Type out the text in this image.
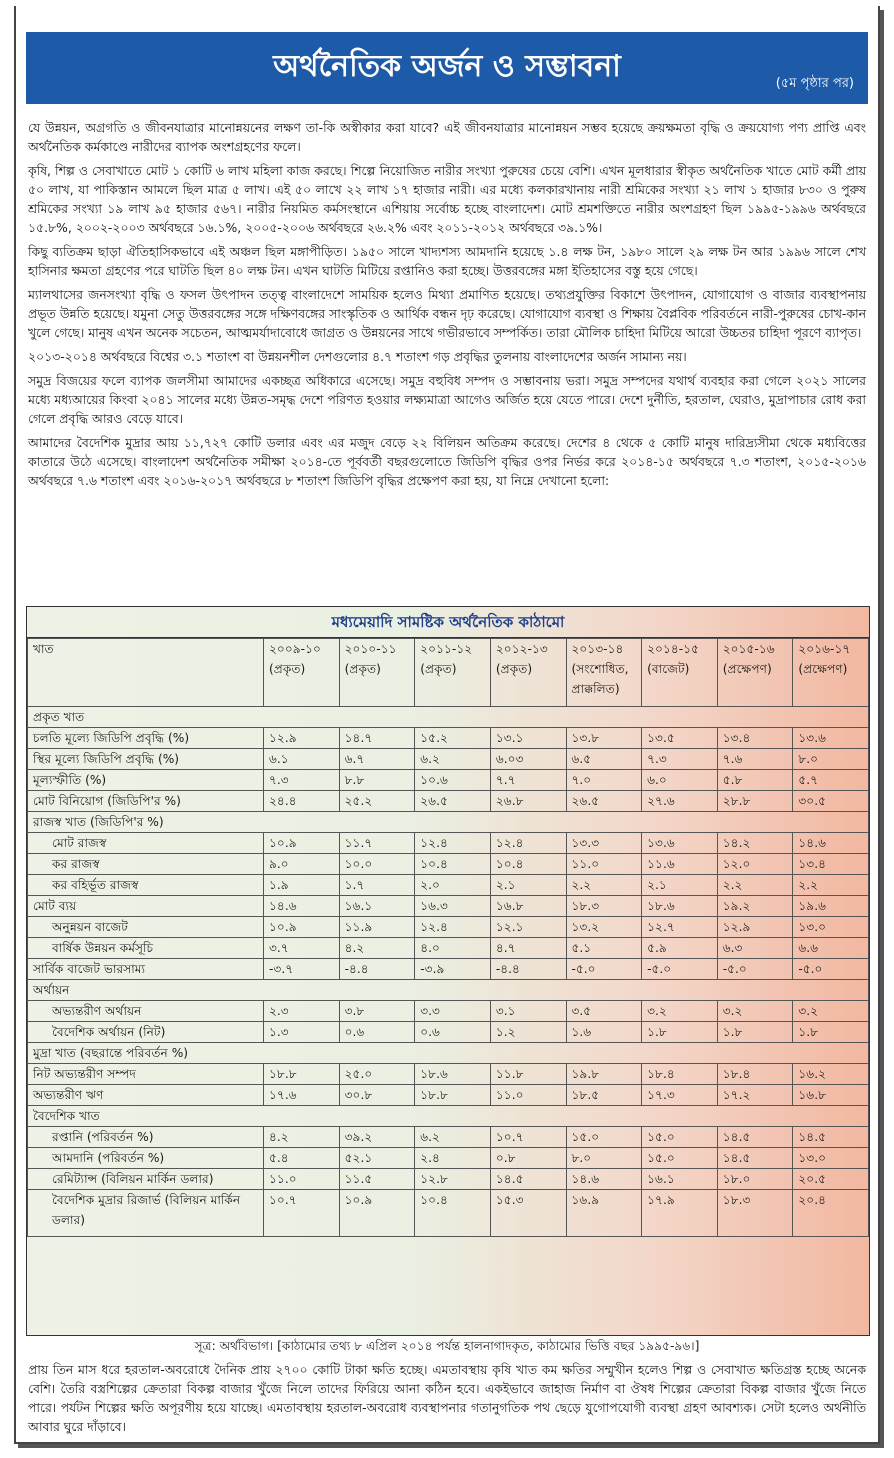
অর্থনৈতিক অর্জন ও সম্ভাবনা	(৫ম পৃষ্ঠার পর)

যে উন্নয়ন, অগ্রগতি ও জীবনযাত্রার মানোন্নয়নের লক্ষণ তা-কি অস্বীকার করা যাবে? এই জীবনযাত্রার মানোন্নয়ন সম্ভব হয়েছে ক্রয়ক্ষমতা বৃদ্ধি ও ক্রয়যোগ্য পণ্য প্রাপ্তি এবং অর্থনৈতিক কর্মকাণ্ডে নারীদের ব্যাপক অংশগ্রহণের ফলে।

কৃষি, শিল্প ও সেবাখাতে মোট ১ কোটি ৬ লাখ মহিলা কাজ করছে। শিল্পে নিয়োজিত নারীর সংখ্যা পুরুষের চেয়ে বেশি। এখন মূলধারার স্বীকৃত অর্থনৈতিক খাতে মোট কর্মী প্রায় ৫০ লাখ, যা পাকিস্তান আমলে ছিল মাত্র ৫ লাখ। এই ৫০ লাখে ২২ লাখ ১৭ হাজার নারী। এর মধ্যে কলকারখানায় নারী শ্রমিকের সংখ্যা ২১ লাখ ১ হাজার ৮৩০ ও পুরুষ শ্রমিকের সংখ্যা ১৯ লাখ ৯৫ হাজার ৫৬৭। নারীর নিয়মিত কর্মসংস্থানে এশিয়ায় সর্বোচ্চ হচ্ছে বাংলাদেশ। মোট শ্রমশক্তিতে নারীর অংশগ্রহণ ছিল ১৯৯৫-১৯৯৬ অর্থবছরে ১৫.৮%, ২০০২-২০০৩ অর্থবছরে ১৬.১%, ২০০৫-২০০৬ অর্থবছরে ২৬.২% এবং ২০১১-২০১২ অর্থবছরে ৩৯.১%।

কিছু ব্যতিক্রম ছাড়া ঐতিহাসিকভাবে এই অঞ্চল ছিল মঙ্গাপীড়িত। ১৯৫০ সালে খাদ্যশস্য আমদানি হয়েছে ১.৪ লক্ষ টন, ১৯৮০ সালে ২৯ লক্ষ টন আর ১৯৯৬ সালে শেখ হাসিনার ক্ষমতা গ্রহণের পরে ঘাটতি ছিল ৪০ লক্ষ টন। এখন ঘাটতি মিটিয়ে রপ্তানিও করা হচ্ছে। উত্তরবঙ্গের মঙ্গা ইতিহাসের বস্তু হয়ে গেছে।

ম্যালথাসের জনসংখ্যা বৃদ্ধি ও ফসল উৎপাদন তত্ত্ব বাংলাদেশে সাময়িক হলেও মিথ্যা প্রমাণিত হয়েছে। তথ্যপ্রযুক্তির বিকাশে উৎপাদন, যোগাযোগ ও বাজার ব্যবস্থাপনায় প্রভূত উন্নতি হয়েছে। যমুনা সেতু উত্তরবঙ্গের সঙ্গে দক্ষিণবঙ্গের সাংস্কৃতিক ও আর্থিক বন্ধন দৃঢ় করেছে। যোগাযোগ ব্যবস্থা ও শিক্ষায় বৈপ্লবিক পরিবর্তনে নারী-পুরুষের চোখ-কান খুলে গেছে। মানুষ এখন অনেক সচেতন, আত্মমর্যাদাবোধে জাগ্রত ও উন্নয়নের সাথে গভীরভাবে সম্পর্কিত। তারা মৌলিক চাহিদা মিটিয়ে আরো উচ্চতর চাহিদা পূরণে ব্যাপৃত।

২০১৩-২০১৪ অর্থবছরে বিশ্বের ৩.১ শতাংশ বা উন্নয়নশীল দেশগুলোর ৪.৭ শতাংশ গড় প্রবৃদ্ধির তুলনায় বাংলাদেশের অর্জন সামান্য নয়।

সমুদ্র বিজয়ের ফলে ব্যাপক জলসীমা আমাদের একচ্ছত্র অধিকারে এসেছে। সমুদ্র বহুবিধ সম্পদ ও সম্ভাবনায় ভরা। সমুদ্র সম্পদের যথার্থ ব্যবহার করা গেলে ২০২১ সালের মধ্যে মধ্যআয়ের কিংবা ২০৪১ সালের মধ্যে উন্নত-সমৃদ্ধ দেশে পরিণত হওয়ার লক্ষ্যমাত্রা আগেও অর্জিত হয়ে যেতে পারে। দেশে দুর্নীতি, হরতাল, ঘেরাও, মুদ্রাপাচার রোধ করা গেলে প্রবৃদ্ধি আরও বেড়ে যাবে।

আমাদের বৈদেশিক মুদ্রার আয় ১১,৭২৭ কোটি ডলার এবং এর মজুদ বেড়ে ২২ বিলিয়ন অতিক্রম করেছে। দেশের ৪ থেকে ৫ কোটি মানুষ দারিদ্র্যসীমা থেকে মধ্যবিত্তের কাতারে উঠে এসেছে। বাংলাদেশ অর্থনৈতিক সমীক্ষা ২০১৪-তে পূর্ববর্তী বছরগুলোতে জিডিপি বৃদ্ধির ওপর নির্ভর করে ২০১৪-১৫ অর্থবছরে ৭.৩ শতাংশ, ২০১৫-২০১৬ অর্থবছরে ৭.৬ শতাংশ এবং ২০১৬-২০১৭ অর্থবছরে ৮ শতাংশ জিডিপি বৃদ্ধির প্রক্ষেপণ করা হয়, যা নিম্নে দেখানো হলো:

মধ্যমেয়াদি সামষ্টিক অর্থনৈতিক কাঠামো
খাত	২০০৯-১০ (প্রকৃত)	২০১০-১১ (প্রকৃত)	২০১১-১২ (প্রকৃত)	২০১২-১৩ (প্রকৃত)	২০১৩-১৪ (সংশোধিত, প্রাক্কলিত)	২০১৪-১৫ (বাজেট)	২০১৫-১৬ (প্রক্ষেপণ)	২০১৬-১৭ (প্রক্ষেপণ)
প্রকৃত খাত								
চলতি মূল্যে জিডিপি প্রবৃদ্ধি (%)	১২.৯	১৪.৭	১৫.২	১৩.১	১৩.৮	১৩.৫	১৩.৪	১৩.৬
স্থির মূল্যে জিডিপি প্রবৃদ্ধি (%)	৬.১	৬.৭	৬.২	৬.০৩	৬.৫	৭.৩	৭.৬	৮.০
মূল্যস্ফীতি (%)	৭.৩	৮.৮	১০.৬	৭.৭	৭.০	৬.০	৫.৮	৫.৭
মোট বিনিয়োগ (জিডিপি'র %)	২৪.৪	২৫.২	২৬.৫	২৬.৮	২৬.৫	২৭.৬	২৮.৮	৩০.৫
রাজস্ব খাত (জিডিপি'র %)								
মোট রাজস্ব	১০.৯	১১.৭	১২.৪	১২.৪	১৩.৩	১৩.৬	১৪.২	১৪.৬
কর রাজস্ব	৯.০	১০.০	১০.৪	১০.৪	১১.০	১১.৬	১২.০	১৩.৪
কর বহির্ভূত রাজস্ব	১.৯	১.৭	২.০	২.১	২.২	২.১	২.২	২.২
মোট ব্যয়	১৪.৬	১৬.১	১৬.৩	১৬.৮	১৮.৩	১৮.৬	১৯.২	১৯.৬
অনুন্নয়ন বাজেট	১০.৯	১১.৯	১২.৪	১২.১	১৩.২	১২.৭	১২.৯	১৩.০
বার্ষিক উন্নয়ন কর্মসূচি	৩.৭	৪.২	৪.০	৪.৭	৫.১	৫.৯	৬.৩	৬.৬
সার্বিক বাজেট ভারসাম্য	-৩.৭	-৪.৪	-৩.৯	-৪.৪	-৫.০	-৫.০	-৫.০	-৫.০
অর্থায়ন								
অভ্যন্তরীণ অর্থায়ন	২.৩	৩.৮	৩.৩	৩.১	৩.৫	৩.২	৩.২	৩.২
বৈদেশিক অর্থায়ন (নিট)	১.৩	০.৬	০.৬	১.২	১.৬	১.৮	১.৮	১.৮
মুদ্রা খাত (বছরান্তে পরিবর্তন %)								
নিট অভ্যন্তরীণ সম্পদ	১৮.৮	২৫.০	১৮.৬	১১.৮	১৯.৮	১৮.৪	১৮.৪	১৬.২
অভ্যন্তরীণ ঋণ	১৭.৬	৩০.৮	১৮.৮	১১.০	১৮.৫	১৭.৩	১৭.২	১৬.৮
বৈদেশিক খাত								
রপ্তানি (পরিবর্তন %)	৪.২	৩৯.২	৬.২	১০.৭	১৫.০	১৫.০	১৪.৫	১৪.৫
আমদানি (পরিবর্তন %)	৫.৪	৫২.১	২.৪	০.৮	৮.০	১৫.০	১৪.৫	১৩.০
রেমিট্যান্স (বিলিয়ন মার্কিন ডলার)	১১.০	১১.৫	১২.৮	১৪.৫	১৪.৬	১৬.১	১৮.০	২০.৫
বৈদেশিক মুদ্রার রিজার্ভ (বিলিয়ন মার্কিন ডলার)	১০.৭	১০.৯	১০.৪	১৫.৩	১৬.৯	১৭.৯	১৮.৩	২০.৪
সূত্র: অর্থবিভাগ। [কাঠামোর তথ্য ৮ এপ্রিল ২০১৪ পর্যন্ত হালনাগাদকৃত, কাঠামোর ভিত্তি বছর ১৯৯৫-৯৬।]

প্রায় তিন মাস ধরে হরতাল-অবরোধে দৈনিক প্রায় ২৭০০ কোটি টাকা ক্ষতি হচ্ছে। এমতাবস্থায় কৃষি খাত কম ক্ষতির সম্মুখীন হলেও শিল্প ও সেবাখাত ক্ষতিগ্রস্ত হচ্ছে অনেক বেশি। তৈরি বস্ত্রশিল্পের ক্রেতারা বিকল্প বাজার খুঁজে নিলে তাদের ফিরিয়ে আনা কঠিন হবে। একইভাবে জাহাজ নির্মাণ বা ঔষধ শিল্পের ক্রেতারা বিকল্প বাজার খুঁজে নিতে পারে। পর্যটন শিল্পের ক্ষতি অপূরণীয় হয়ে যাচ্ছে। এমতাবস্থায় হরতাল-অবরোধ ব্যবস্থাপনার গতানুগতিক পথ ছেড়ে যুগোপযোগী ব্যবস্থা গ্রহণ আবশ্যক। সেটা হলেও অর্থনীতি আবার ঘুরে দাঁড়াবে।
